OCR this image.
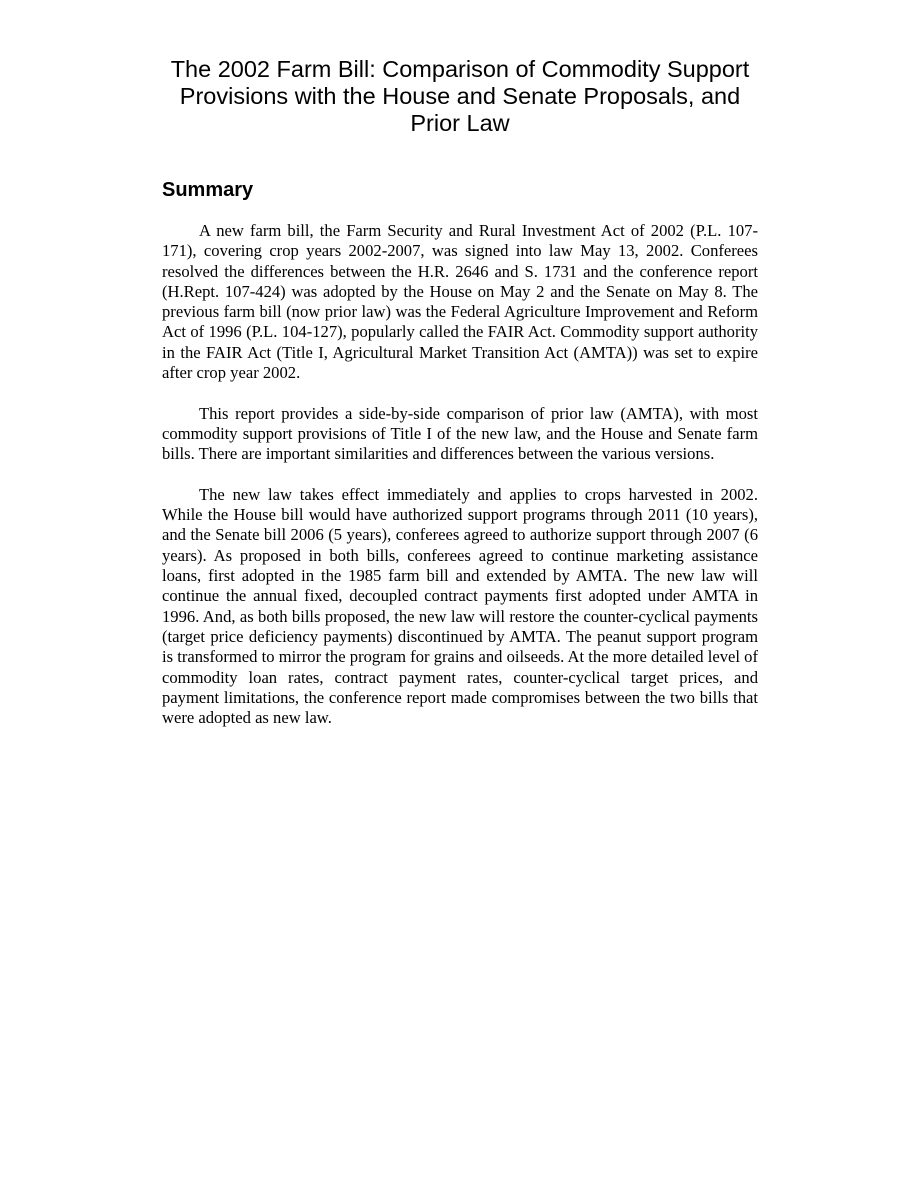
The 2002 Farm Bill: Comparison of Commodity Support Provisions with the House and Senate Proposals, and Prior Law
Summary

A new farm bill, the Farm Security and Rural Investment Act of 2002 (P.L. 107-171), covering crop years 2002-2007, was signed into law May 13, 2002. Conferees resolved the differences between the H.R. 2646 and S. 1731 and the conference report (H.Rept. 107-424) was adopted by the House on May 2 and the Senate on May 8. The previous farm bill (now prior law) was the Federal Agriculture Improvement and Reform Act of 1996 (P.L. 104-127), popularly called the FAIR Act. Commodity support authority in the FAIR Act (Title I, Agricultural Market Transition Act (AMTA)) was set to expire after crop year 2002.

This report provides a side-by-side comparison of prior law (AMTA), with most commodity support provisions of Title I of the new law, and the House and Senate farm bills. There are important similarities and differences between the various versions.

The new law takes effect immediately and applies to crops harvested in 2002. While the House bill would have authorized support programs through 2011 (10 years), and the Senate bill 2006 (5 years), conferees agreed to authorize support through 2007 (6 years). As proposed in both bills, conferees agreed to continue marketing assistance loans, first adopted in the 1985 farm bill and extended by AMTA. The new law will continue the annual fixed, decoupled contract payments first adopted under AMTA in 1996. And, as both bills proposed, the new law will restore the counter-cyclical payments (target price deficiency payments) discontinued by AMTA. The peanut support program is transformed to mirror the program for grains and oilseeds. At the more detailed level of commodity loan rates, contract payment rates, counter-cyclical target prices, and payment limitations, the conference report made compromises between the two bills that were adopted as new law.
